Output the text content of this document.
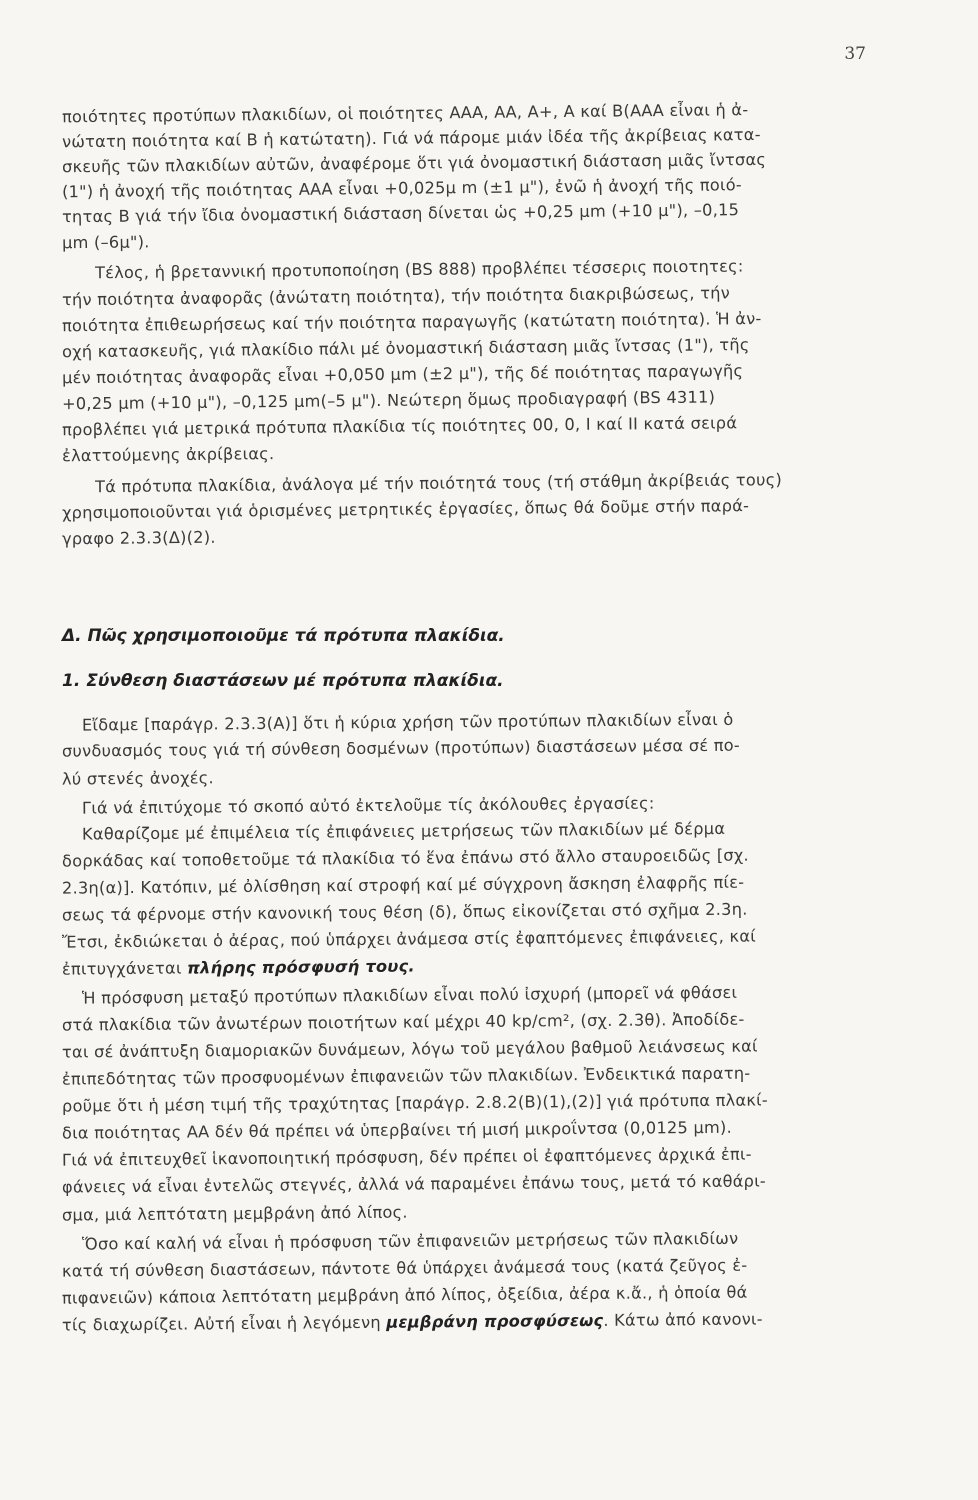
37
ποιότητες προτύπων πλακιδίων, οἱ ποιότητες ΑΑΑ, ΑΑ, Α+, Α καί Β(ΑΑΑ εἶναι ἡ ἀ-
νώτατη ποιότητα καί Β ἡ κατώτατη). Γιά νά πάρομε μιάν ἰδέα τῆς ἀκρίβειας κατα-
σκευῆς τῶν πλακιδίων αὐτῶν, ἀναφέρομε ὅτι γιά ὀνομαστική διάσταση μιᾶς ἴντσας
(1") ἡ ἀνοχή τῆς ποιότητας ΑΑΑ εἶναι +0,025μ m (±1 μ"), ἐνῶ ἡ ἀνοχή τῆς ποιό-
τητας Β γιά τήν ἴδια ὀνομαστική διάσταση δίνεται ὡς +0,25 μm (+10 μ"), –0,15
μm (–6μ").
Τέλος, ἡ βρεταννική προτυποποίηση (BS 888) προβλέπει τέσσερις ποιοτητες:
τήν ποιότητα ἀναφορᾶς (ἀνώτατη ποιότητα), τήν ποιότητα διακριβώσεως, τήν
ποιότητα ἐπιθεωρήσεως καί τήν ποιότητα παραγωγῆς (κατώτατη ποιότητα). Ἡ ἀν-
οχή κατασκευῆς, γιά πλακίδιο πάλι μέ ὀνομαστική διάσταση μιᾶς ἴντσας (1"), τῆς
μέν ποιότητας ἀναφορᾶς εἶναι +0,050 μm (±2 μ"), τῆς δέ ποιότητας παραγωγῆς
+0,25 μm (+10 μ"), –0,125 μm(–5 μ"). Νεώτερη ὅμως προδιαγραφή (BS 4311)
προβλέπει γιά μετρικά πρότυπα πλακίδια τίς ποιότητες 00, 0, Ι καί ΙΙ κατά σειρά
ἐλαττούμενης ἀκρίβειας.
Τά πρότυπα πλακίδια, ἀνάλογα μέ τήν ποιότητά τους (τή στάθμη ἀκρίβειάς τους)
χρησιμοποιοῦνται γιά ὁρισμένες μετρητικές ἐργασίες, ὅπως θά δοῦμε στήν παρά-
γραφο 2.3.3(Δ)(2).
Δ. Πῶς χρησιμοποιοῦμε τά πρότυπα πλακίδια.
1. Σύνθεση διαστάσεων μέ πρότυπα πλακίδια.
Εἴδαμε [παράγρ. 2.3.3(Α)] ὅτι ἡ κύρια χρήση τῶν προτύπων πλακιδίων εἶναι ὁ
συνδυασμός τους γιά τή σύνθεση δοσμένων (προτύπων) διαστάσεων μέσα σέ πο-
λύ στενές ἀνοχές.
Γιά νά ἐπιτύχομε τό σκοπό αὐτό ἐκτελοῦμε τίς ἀκόλουθες ἐργασίες:
Καθαρίζομε μέ ἐπιμέλεια τίς ἐπιφάνειες μετρήσεως τῶν πλακιδίων μέ δέρμα
δορκάδας καί τοποθετοῦμε τά πλακίδια τό ἕνα ἐπάνω στό ἄλλο σταυροειδῶς [σχ.
2.3η(α)]. Κατόπιν, μέ ὀλίσθηση καί στροφή καί μέ σύγχρονη ἄσκηση ἐλαφρῆς πίε-
σεως τά φέρνομε στήν κανονική τους θέση (δ), ὅπως εἰκονίζεται στό σχῆμα 2.3η.
Ἔτσι, ἐκδιώκεται ὁ ἀέρας, πού ὑπάρχει ἀνάμεσα στίς ἐφαπτόμενες ἐπιφάνειες, καί
ἐπιτυγχάνεται πλήρης πρόσφυσή τους.
Ἡ πρόσφυση μεταξύ προτύπων πλακιδίων εἶναι πολύ ἰσχυρή (μπορεῖ νά φθάσει
στά πλακίδια τῶν ἀνωτέρων ποιοτήτων καί μέχρι 40 kp/cm², (σχ. 2.3θ). Ἀποδίδε-
ται σέ ἀνάπτυξη διαμοριακῶν δυνάμεων, λόγω τοῦ μεγάλου βαθμοῦ λειάνσεως καί
ἐπιπεδότητας τῶν προσφυομένων ἐπιφανειῶν τῶν πλακιδίων. Ἐνδεικτικά παρατη-
ροῦμε ὅτι ἡ μέση τιμή τῆς τραχύτητας [παράγρ. 2.8.2(Β)(1),(2)] γιά πρότυπα πλακί-
δια ποιότητας ΑΑ δέν θά πρέπει νά ὑπερβαίνει τή μισή μικροΐντσα (0,0125 μm).
Γιά νά ἐπιτευχθεῖ ἱκανοποιητική πρόσφυση, δέν πρέπει οἱ ἐφαπτόμενες ἀρχικά ἐπι-
φάνειες νά εἶναι ἐντελῶς στεγνές, ἀλλά νά παραμένει ἐπάνω τους, μετά τό καθάρι-
σμα, μιά λεπτότατη μεμβράνη ἀπό λίπος.
Ὅσο καί καλή νά εἶναι ἡ πρόσφυση τῶν ἐπιφανειῶν μετρήσεως τῶν πλακιδίων
κατά τή σύνθεση διαστάσεων, πάντοτε θά ὑπάρχει ἀνάμεσά τους (κατά ζεῦγος ἐ-
πιφανειῶν) κάποια λεπτότατη μεμβράνη ἀπό λίπος, ὀξείδια, ἀέρα κ.ἄ., ἡ ὁποία θά
τίς διαχωρίζει. Αὐτή εἶναι ἡ λεγόμενη μεμβράνη προσφύσεως. Κάτω ἀπό κανονι-
